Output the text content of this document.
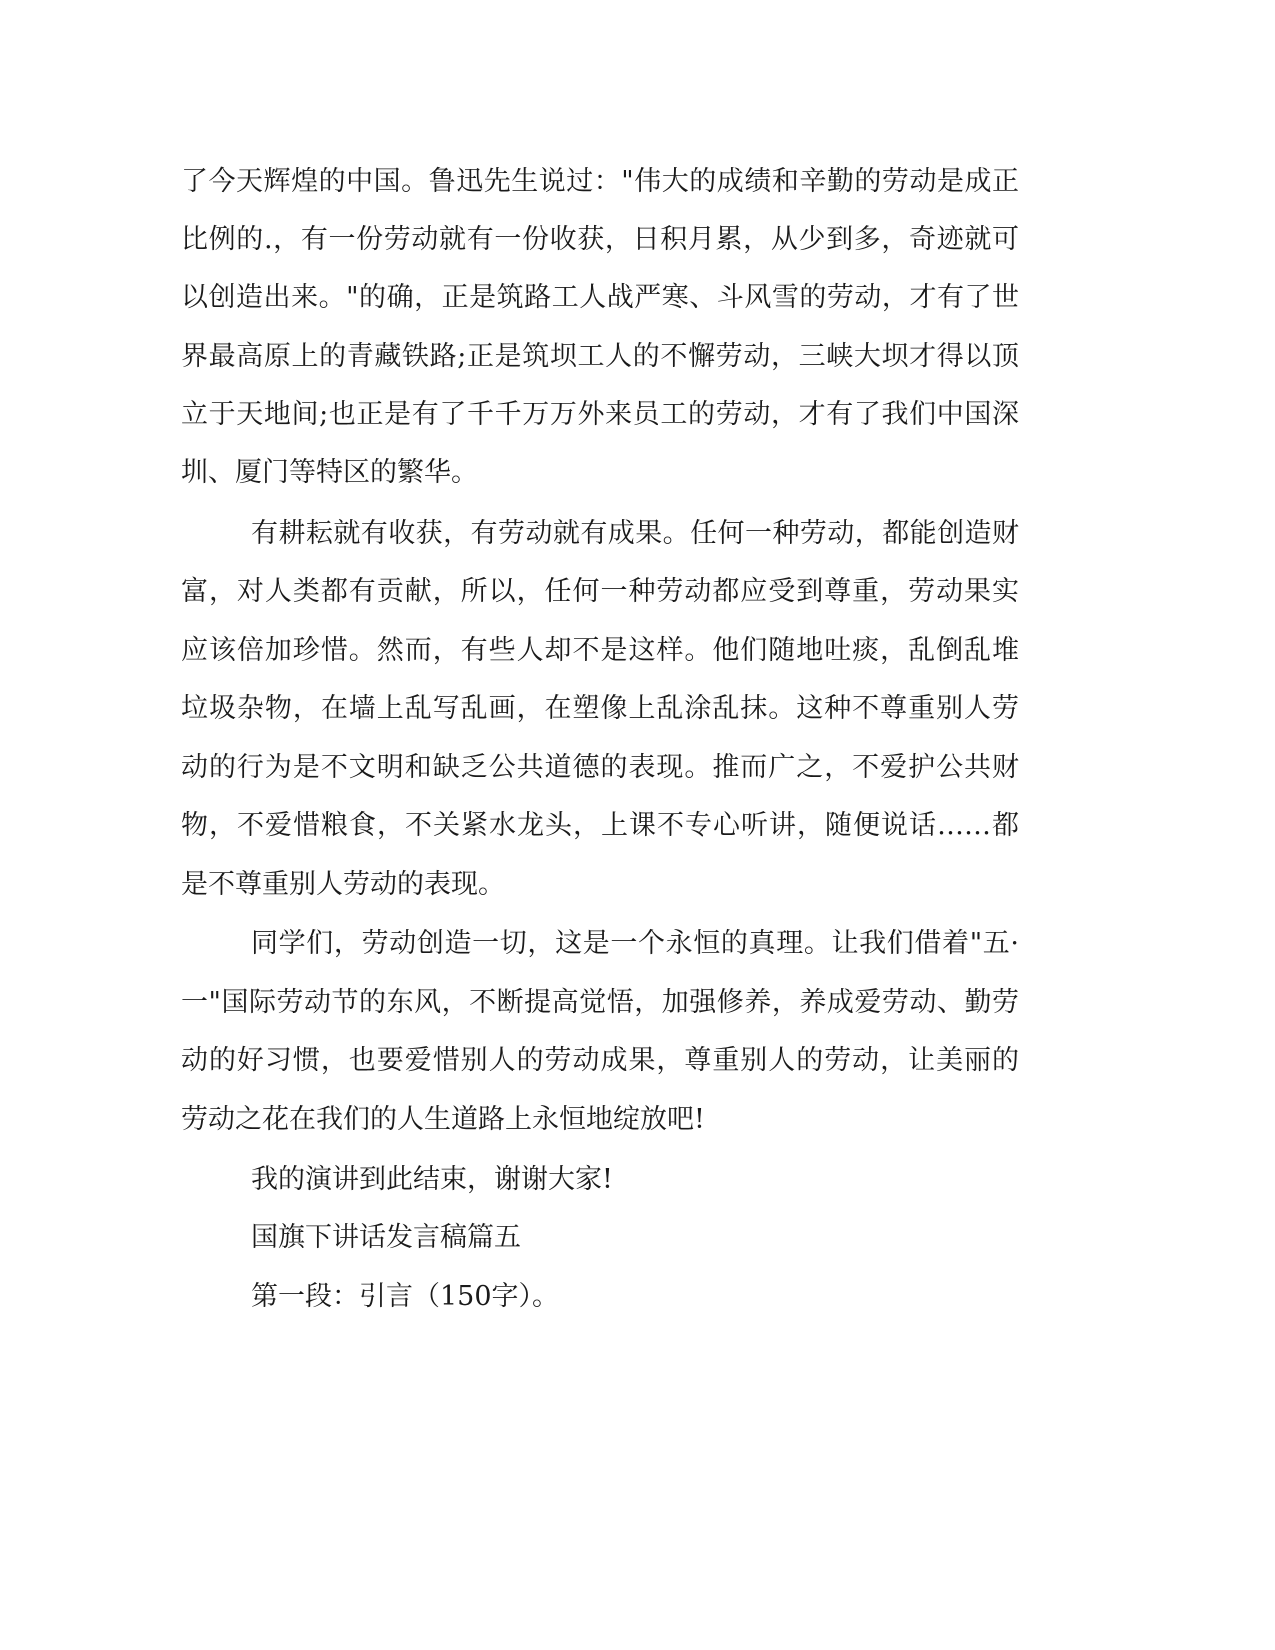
了今天辉煌的中国。鲁迅先生说过："伟大的成绩和辛勤的劳动是成正

比例的.，有一份劳动就有一份收获，日积月累，从少到多，奇迹就可

以创造出来。"的确，正是筑路工人战严寒、斗风雪的劳动，才有了世

界最高原上的青藏铁路;正是筑坝工人的不懈劳动，三峡大坝才得以顶

立于天地间;也正是有了千千万万外来员工的劳动，才有了我们中国深

圳、厦门等特区的繁华。

有耕耘就有收获，有劳动就有成果。任何一种劳动，都能创造财

富，对人类都有贡献，所以，任何一种劳动都应受到尊重，劳动果实

应该倍加珍惜。然而，有些人却不是这样。他们随地吐痰，乱倒乱堆

垃圾杂物，在墙上乱写乱画，在塑像上乱涂乱抹。这种不尊重别人劳

动的行为是不文明和缺乏公共道德的表现。推而广之，不爱护公共财

物，不爱惜粮食，不关紧水龙头，上课不专心听讲，随便说话……都

是不尊重别人劳动的表现。

同学们，劳动创造一切，这是一个永恒的真理。让我们借着"五·

一"国际劳动节的东风，不断提高觉悟，加强修养，养成爱劳动、勤劳

动的好习惯，也要爱惜别人的劳动成果，尊重别人的劳动，让美丽的

劳动之花在我们的人生道路上永恒地绽放吧!

我的演讲到此结束，谢谢大家!

国旗下讲话发言稿篇五

第一段：引言（150字）。
